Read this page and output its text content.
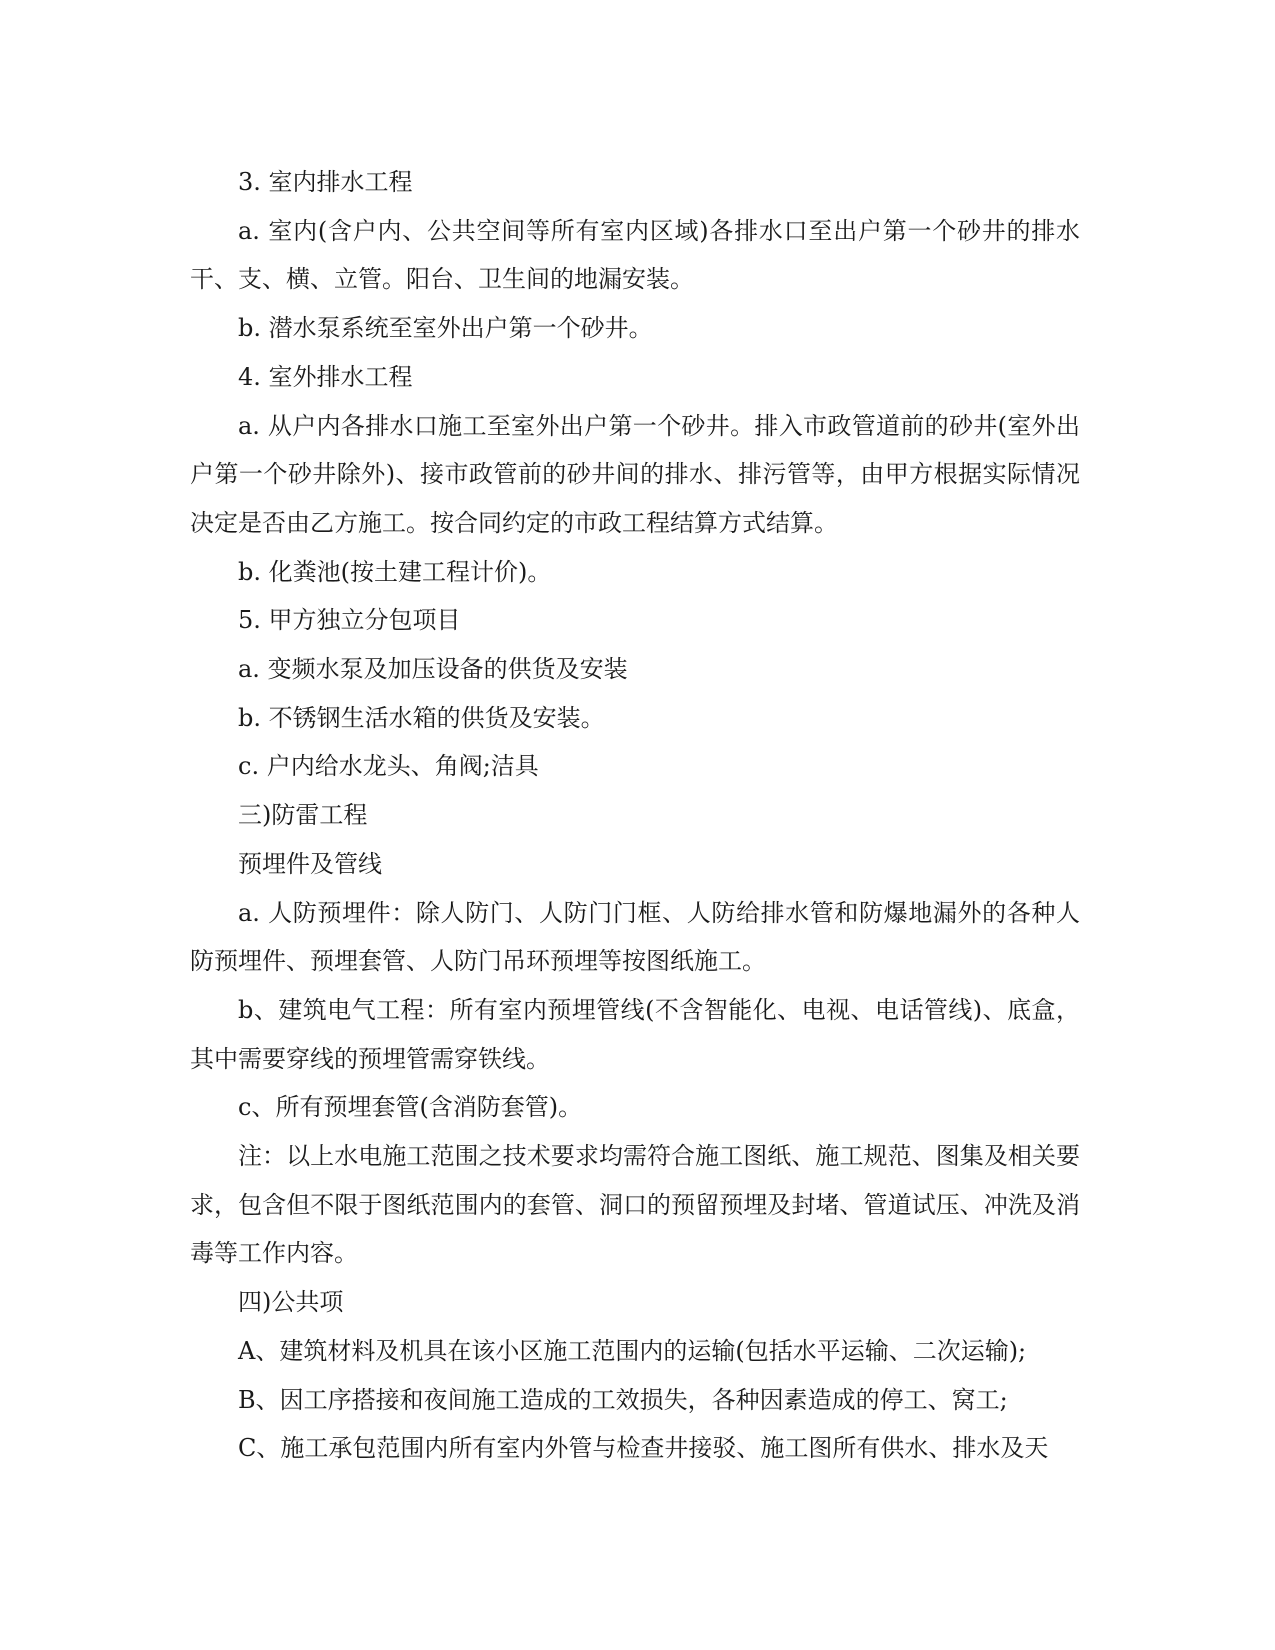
3. 室内排水工程

a. 室内(含户内、公共空间等所有室内区域)各排水口至出户第一个砂井的排水干、支、横、立管。阳台、卫生间的地漏安装。

b. 潜水泵系统至室外出户第一个砂井。

4. 室外排水工程

a. 从户内各排水口施工至室外出户第一个砂井。排入市政管道前的砂井(室外出户第一个砂井除外)、接市政管前的砂井间的排水、排污管等，由甲方根据实际情况决定是否由乙方施工。按合同约定的市政工程结算方式结算。

b. 化粪池(按土建工程计价)。

5. 甲方独立分包项目

a. 变频水泵及加压设备的供货及安装

b. 不锈钢生活水箱的供货及安装。

c. 户内给水龙头、角阀;洁具

三)防雷工程

预埋件及管线

a. 人防预埋件：除人防门、人防门门框、人防给排水管和防爆地漏外的各种人防预埋件、预埋套管、人防门吊环预埋等按图纸施工。

b、建筑电气工程：所有室内预埋管线(不含智能化、电视、电话管线)、底盒，其中需要穿线的预埋管需穿铁线。

c、所有预埋套管(含消防套管)。

注：以上水电施工范围之技术要求均需符合施工图纸、施工规范、图集及相关要求，包含但不限于图纸范围内的套管、洞口的预留预埋及封堵、管道试压、冲洗及消毒等工作内容。

四)公共项

A、建筑材料及机具在该小区施工范围内的运输(包括水平运输、二次运输);

B、因工序搭接和夜间施工造成的工效损失，各种因素造成的停工、窝工;

C、施工承包范围内所有室内外管与检查井接驳、施工图所有供水、排水及天
